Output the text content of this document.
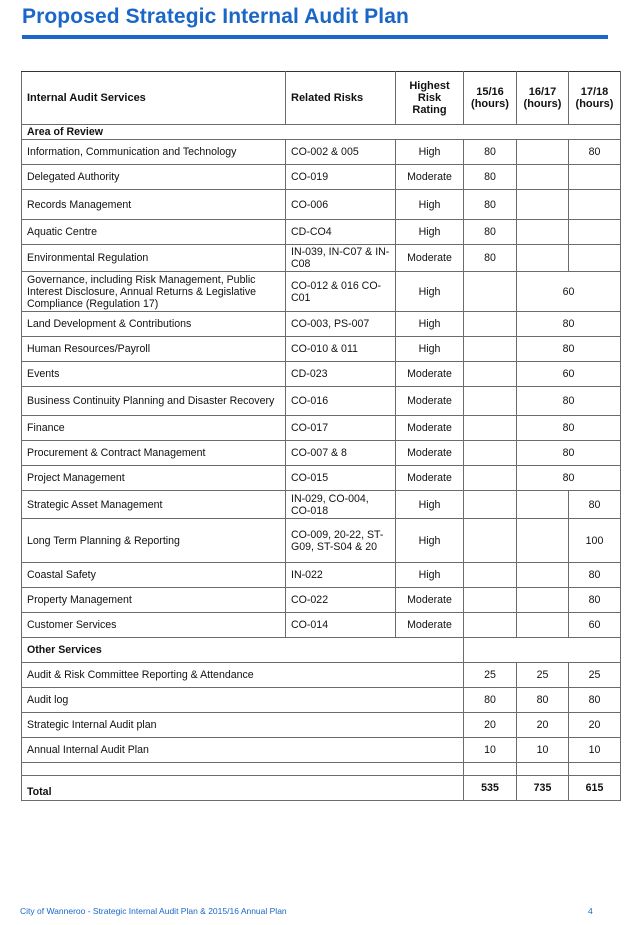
Proposed Strategic Internal Audit Plan
Internal Audit Services	Related Risks	Highest Risk Rating	15/16 (hours)	16/17 (hours)	17/18 (hours)
Area of Review					
Information, Communication and Technology	CO-002 & 005	High	80		80
Delegated Authority	CO-019	Moderate	80		
Records Management	CO-006	High	80		
Aquatic Centre	CD-CO4	High	80		
Environmental Regulation	IN-039, IN-C07 & IN-C08	Moderate	80		
Governance, including Risk Management, Public Interest Disclosure, Annual Returns & Legislative Compliance (Regulation 17)	CO-012 & 016 CO-C01	High		60	
Land Development & Contributions	CO-003, PS-007	High		80	
Human Resources/Payroll	CO-010 & 011	High		80	
Events	CD-023	Moderate		60	
Business Continuity Planning and Disaster Recovery	CO-016	Moderate		80	
Finance	CO-017	Moderate		80	
Procurement & Contract Management	CO-007 & 8	Moderate		80	
Project Management	CO-015	Moderate		80	
Strategic Asset Management	IN-029, CO-004, CO-018	High			80
Long Term Planning & Reporting	CO-009, 20-22, ST-G09, ST-S04 & 20	High			100
Coastal Safety	IN-022	High			80
Property Management	CO-022	Moderate			80
Customer Services	CO-014	Moderate			60
Other Services					
Audit & Risk Committee Reporting & Attendance			25	25	25
Audit log			80	80	80
Strategic Internal Audit plan			20	20	20
Annual Internal Audit Plan			10	10	10

Total			535	735	615
City of Wanneroo - Strategic Internal Audit Plan & 2015/16 Annual Plan	4
